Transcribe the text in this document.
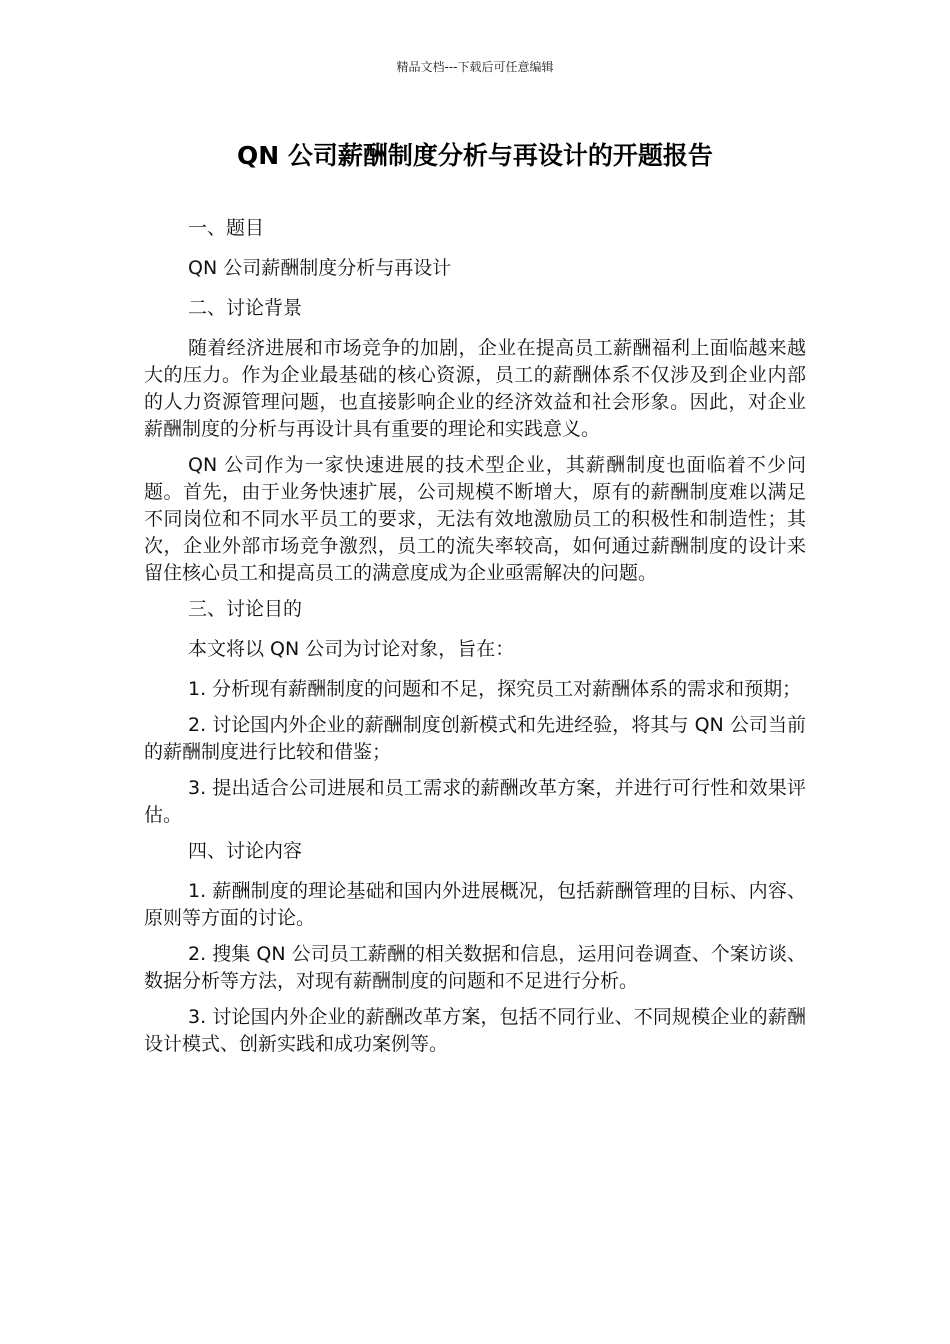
精品文档---下载后可任意编辑
QN 公司薪酬制度分析与再设计的开题报告

一、题目

QN 公司薪酬制度分析与再设计

二、讨论背景

随着经济进展和市场竞争的加剧，企业在提高员工薪酬福利上面临越来越大的压力。作为企业最基础的核心资源，员工的薪酬体系不仅涉及到企业内部的人力资源管理问题，也直接影响企业的经济效益和社会形象。因此，对企业薪酬制度的分析与再设计具有重要的理论和实践意义。

QN 公司作为一家快速进展的技术型企业，其薪酬制度也面临着不少问题。首先，由于业务快速扩展，公司规模不断增大，原有的薪酬制度难以满足不同岗位和不同水平员工的要求，无法有效地激励员工的积极性和制造性；其次，企业外部市场竞争激烈，员工的流失率较高，如何通过薪酬制度的设计来留住核心员工和提高员工的满意度成为企业亟需解决的问题。

三、讨论目的

本文将以 QN 公司为讨论对象，旨在：

1. 分析现有薪酬制度的问题和不足，探究员工对薪酬体系的需求和预期；

2. 讨论国内外企业的薪酬制度创新模式和先进经验，将其与 QN 公司当前的薪酬制度进行比较和借鉴；

3. 提出适合公司进展和员工需求的薪酬改革方案，并进行可行性和效果评估。

四、讨论内容

1. 薪酬制度的理论基础和国内外进展概况，包括薪酬管理的目标、内容、原则等方面的讨论。

2. 搜集 QN 公司员工薪酬的相关数据和信息，运用问卷调查、个案访谈、数据分析等方法，对现有薪酬制度的问题和不足进行分析。

3. 讨论国内外企业的薪酬改革方案，包括不同行业、不同规模企业的薪酬设计模式、创新实践和成功案例等。
